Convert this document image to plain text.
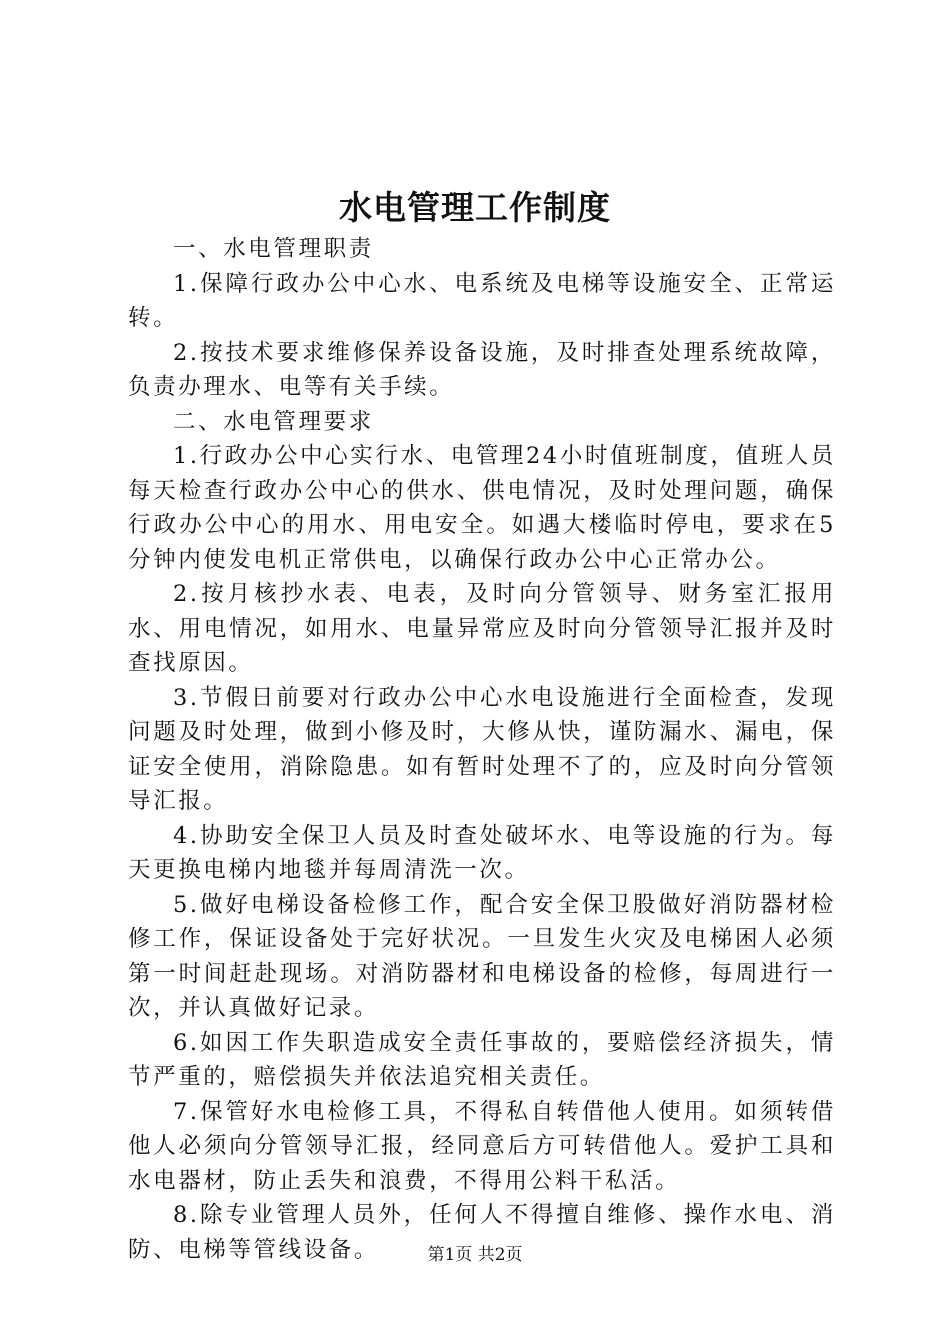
水电管理工作制度

一、水电管理职责

1.保障行政办公中心水、电系统及电梯等设施安全、正常运转。

2.按技术要求维修保养设备设施，及时排查处理系统故障，负责办理水、电等有关手续。

二、水电管理要求

1.行政办公中心实行水、电管理24小时值班制度，值班人员每天检查行政办公中心的供水、供电情况，及时处理问题，确保行政办公中心的用水、用电安全。如遇大楼临时停电，要求在5分钟内使发电机正常供电，以确保行政办公中心正常办公。

2.按月核抄水表、电表，及时向分管领导、财务室汇报用水、用电情况，如用水、电量异常应及时向分管领导汇报并及时查找原因。

3.节假日前要对行政办公中心水电设施进行全面检查，发现问题及时处理，做到小修及时，大修从快，谨防漏水、漏电，保证安全使用，消除隐患。如有暂时处理不了的，应及时向分管领导汇报。

4.协助安全保卫人员及时查处破坏水、电等设施的行为。每天更换电梯内地毯并每周清洗一次。

5.做好电梯设备检修工作，配合安全保卫股做好消防器材检修工作，保证设备处于完好状况。一旦发生火灾及电梯困人必须第一时间赶赴现场。对消防器材和电梯设备的检修，每周进行一次，并认真做好记录。

6.如因工作失职造成安全责任事故的，要赔偿经济损失，情节严重的，赔偿损失并依法追究相关责任。

7.保管好水电检修工具，不得私自转借他人使用。如须转借他人必须向分管领导汇报，经同意后方可转借他人。爱护工具和水电器材，防止丢失和浪费，不得用公料干私活。

8.除专业管理人员外，任何人不得擅自维修、操作水电、消防、电梯等管线设备。	第1页 共2页
